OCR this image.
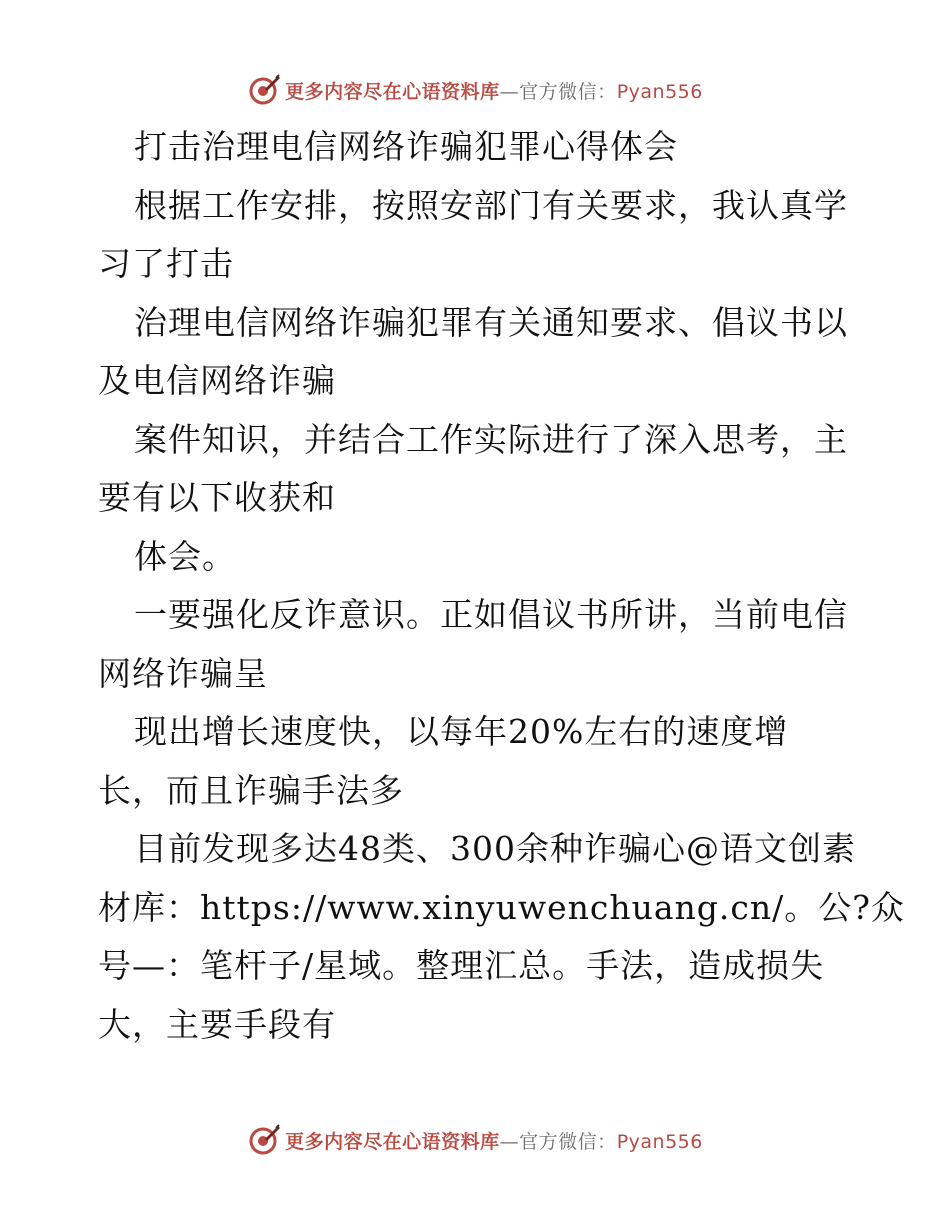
更多内容尽在心语资料库—官方微信：Pyan556
打击治理电信网络诈骗犯罪心得体会
根据工作安排，按照安部门有关要求，我认真学
习了打击
治理电信网络诈骗犯罪有关通知要求、倡议书以
及电信网络诈骗
案件知识，并结合工作实际进行了深入思考，主
要有以下收获和
体会。
一要强化反诈意识。正如倡议书所讲，当前电信
网络诈骗呈
现出增长速度快，以每年20%左右的速度增
长，而且诈骗手法多
目前发现多达48类、300余种诈骗心@语文创素
材库：https://www.xinyuwenchuang.cn/。公?众
号—：笔杆子/星域。整理汇总。手法，造成损失
大，主要手段有
更多内容尽在心语资料库—官方微信：Pyan556
